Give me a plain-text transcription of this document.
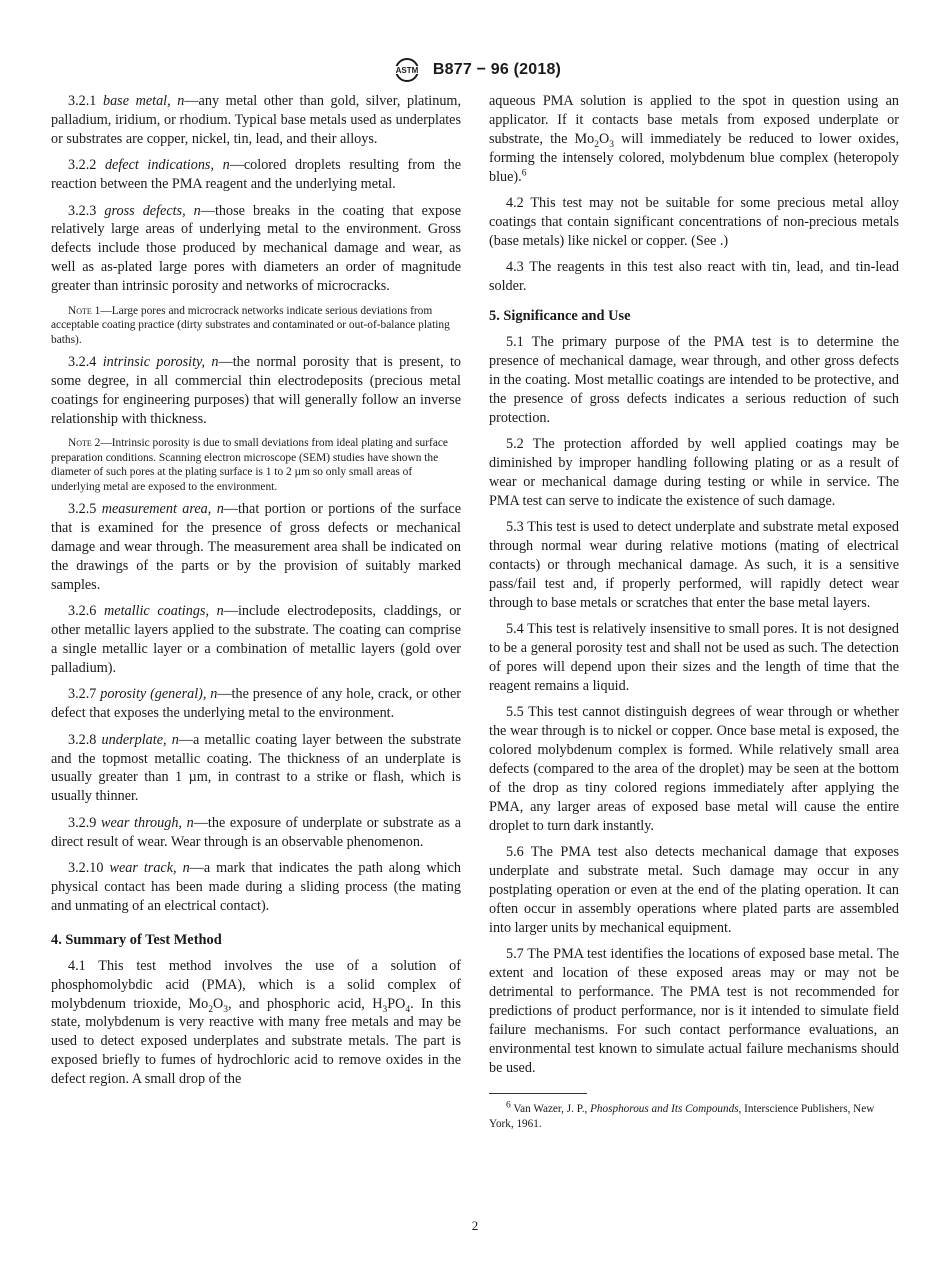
ASTM B877 − 96 (2018)

3.2.1 base metal, n—any metal other than gold, silver, platinum, palladium, iridium, or rhodium. Typical base metals used as underplates or substrates are copper, nickel, tin, lead, and their alloys.

3.2.2 defect indications, n—colored droplets resulting from the reaction between the PMA reagent and the underlying metal.

3.2.3 gross defects, n—those breaks in the coating that expose relatively large areas of underlying metal to the environment. Gross defects include those produced by mechanical damage and wear, as well as as-plated large pores with diameters an order of magnitude greater than intrinsic porosity and networks of microcracks.

Note 1—Large pores and microcrack networks indicate serious deviations from acceptable coating practice (dirty substrates and contaminated or out-of-balance plating baths).

3.2.4 intrinsic porosity, n—the normal porosity that is present, to some degree, in all commercial thin electrodeposits (precious metal coatings for engineering purposes) that will generally follow an inverse relationship with thickness.

Note 2—Intrinsic porosity is due to small deviations from ideal plating and surface preparation conditions. Scanning electron microscope (SEM) studies have shown the diameter of such pores at the plating surface is 1 to 2 µm so only small areas of underlying metal are exposed to the environment.

3.2.5 measurement area, n—that portion or portions of the surface that is examined for the presence of gross defects or mechanical damage and wear through. The measurement area shall be indicated on the drawings of the parts or by the provision of suitably marked samples.

3.2.6 metallic coatings, n—include electrodeposits, claddings, or other metallic layers applied to the substrate. The coating can comprise a single metallic layer or a combination of metallic layers (gold over palladium).

3.2.7 porosity (general), n—the presence of any hole, crack, or other defect that exposes the underlying metal to the environment.

3.2.8 underplate, n—a metallic coating layer between the substrate and the topmost metallic coating. The thickness of an underplate is usually greater than 1 µm, in contrast to a strike or flash, which is usually thinner.

3.2.9 wear through, n—the exposure of underplate or substrate as a direct result of wear. Wear through is an observable phenomenon.

3.2.10 wear track, n—a mark that indicates the path along which physical contact has been made during a sliding process (the mating and unmating of an electrical contact).

4. Summary of Test Method

4.1 This test method involves the use of a solution of phosphomolybdic acid (PMA), which is a solid complex of molybdenum trioxide, $Mo_2O_3$, and phosphoric acid, $H_3PO_4$. In this state, molybdenum is very reactive with many free metals and may be used to detect exposed underplates and substrate metals. The part is exposed briefly to fumes of hydrochloric acid to remove oxides in the defect region. A small drop of the

aqueous PMA solution is applied to the spot in question using an applicator. If it contacts base metals from exposed underplate or substrate, the $Mo_2O_3$ will immediately be reduced to lower oxides, forming the intensely colored, molybdenum blue complex (heteropoly blue).$^6$

4.2 This test may not be suitable for some precious metal alloy coatings that contain significant concentrations of non-precious metals (base metals) like nickel or copper. (See .)

4.3 The reagents in this test also react with tin, lead, and tin-lead solder.

5. Significance and Use

5.1 The primary purpose of the PMA test is to determine the presence of mechanical damage, wear through, and other gross defects in the coating. Most metallic coatings are intended to be protective, and the presence of gross defects indicates a serious reduction of such protection.

5.2 The protection afforded by well applied coatings may be diminished by improper handling following plating or as a result of wear or mechanical damage during testing or while in service. The PMA test can serve to indicate the existence of such damage.

5.3 This test is used to detect underplate and substrate metal exposed through normal wear during relative motions (mating of electrical contacts) or through mechanical damage. As such, it is a sensitive pass/fail test and, if properly performed, will rapidly detect wear through to base metals or scratches that enter the base metal layers.

5.4 This test is relatively insensitive to small pores. It is not designed to be a general porosity test and shall not be used as such. The detection of pores will depend upon their sizes and the length of time that the reagent remains a liquid.

5.5 This test cannot distinguish degrees of wear through or whether the wear through is to nickel or copper. Once base metal is exposed, the colored molybdenum complex is formed. While relatively small area defects (compared to the area of the droplet) may be seen at the bottom of the drop as tiny colored regions immediately after applying the PMA, any larger areas of exposed base metal will cause the entire droplet to turn dark instantly.

5.6 The PMA test also detects mechanical damage that exposes underplate and substrate metal. Such damage may occur in any postplating operation or even at the end of the plating operation. It can often occur in assembly operations where plated parts are assembled into larger units by mechanical equipment.

5.7 The PMA test identifies the locations of exposed base metal. The extent and location of these exposed areas may or may not be detrimental to performance. The PMA test is not recommended for predictions of product performance, nor is it intended to simulate field failure mechanisms. For such contact performance evaluations, an environmental test known to simulate actual failure mechanisms should be used.

$^6$ Van Wazer, J. P., Phosphorous and Its Compounds, Interscience Publishers, New York, 1961.

2
